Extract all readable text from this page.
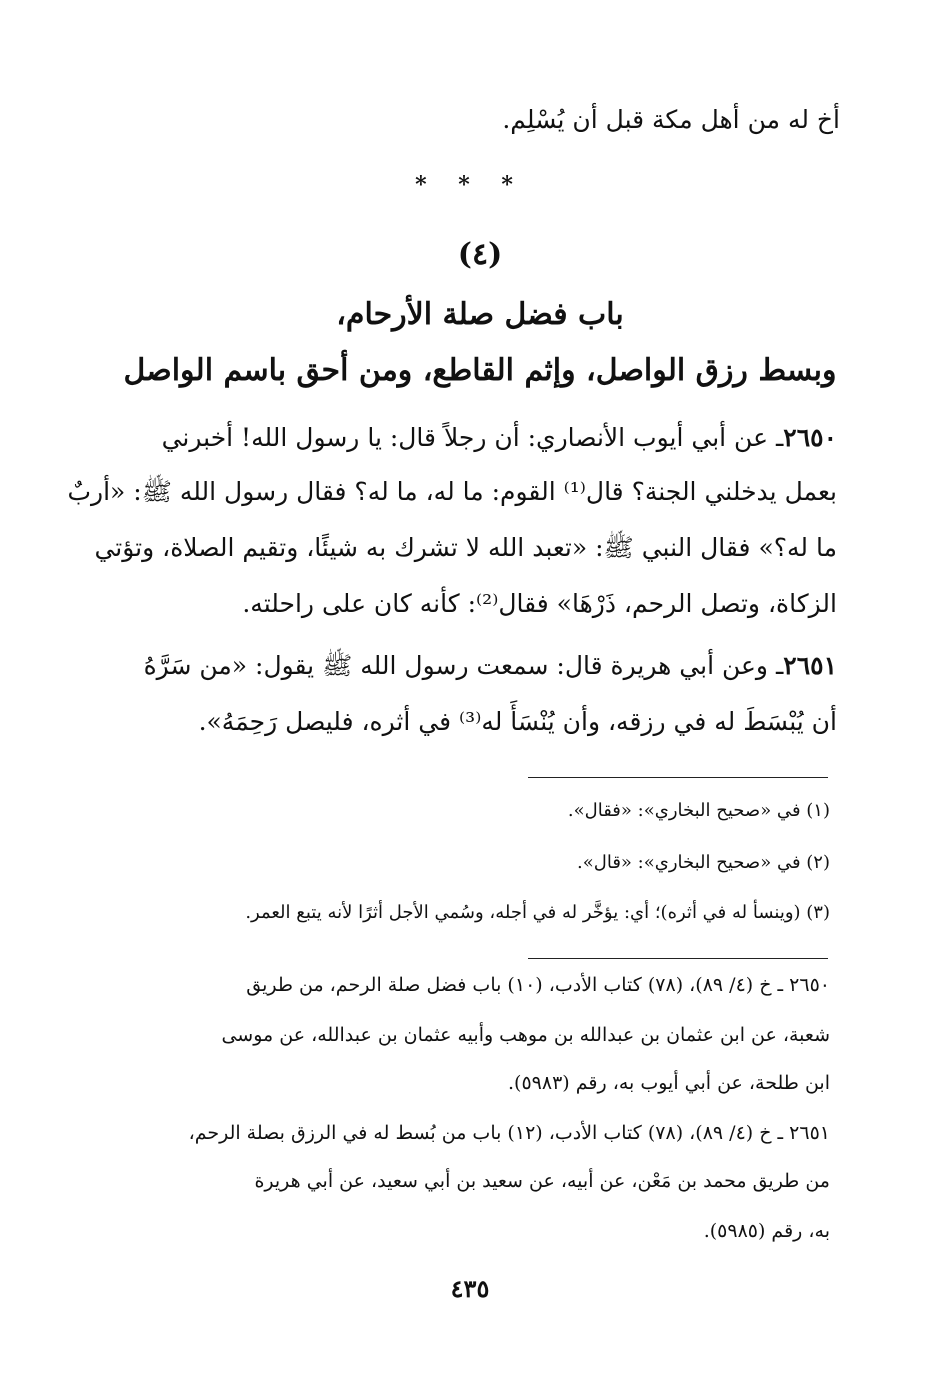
أخ له من أهل مكة قبل أن يُسْلِم.
* * *
(٤)
باب فضل صلة الأرحام،
وبسط رزق الواصل، وإثم القاطع، ومن أحق باسم الواصل
٢٦٥٠ـ عن أبي أيوب الأنصاري: أن رجلاً قال: يا رسول الله! أخبرني
بعمل يدخلني الجنة؟ قال⁽¹⁾ القوم: ما له، ما له؟ فقال رسول الله ﷺ: «أربٌ
ما له؟» فقال النبي ﷺ: «تعبد الله لا تشرك به شيئًا، وتقيم الصلاة، وتؤتي
الزكاة، وتصل الرحم، ذَرْهَا» فقال⁽²⁾: كأنه كان على راحلته.
٢٦٥١ـ وعن أبي هريرة قال: سمعت رسول الله ﷺ يقول: «من سَرَّهُ
أن يُبْسَطَ له في رزقه، وأن يُنْسَأَ له⁽³⁾ في أثره، فليصل رَحِمَهُ».
(١) في «صحيح البخاري»: «فقال».
(٢) في «صحيح البخاري»: «قال».
(٣) (وينسأ له في أثره)؛ أي: يؤخَّر له في أجله، وسُمي الأجل أثرًا لأنه يتبع العمر.
٢٦٥٠ ـ خ (٤/ ٨٩)، (٧٨) كتاب الأدب، (١٠) باب فضل صلة الرحم، من طريق
شعبة، عن ابن عثمان بن عبدالله بن موهب وأبيه عثمان بن عبدالله، عن موسى
ابن طلحة، عن أبي أيوب به، رقم (٥٩٨٣).
٢٦٥١ ـ خ (٤/ ٨٩)، (٧٨) كتاب الأدب، (١٢) باب من بُسط له في الرزق بصلة الرحم،
من طريق محمد بن مَعْن، عن أبيه، عن سعيد بن أبي سعيد، عن أبي هريرة
به، رقم (٥٩٨٥).
٤٣٥
